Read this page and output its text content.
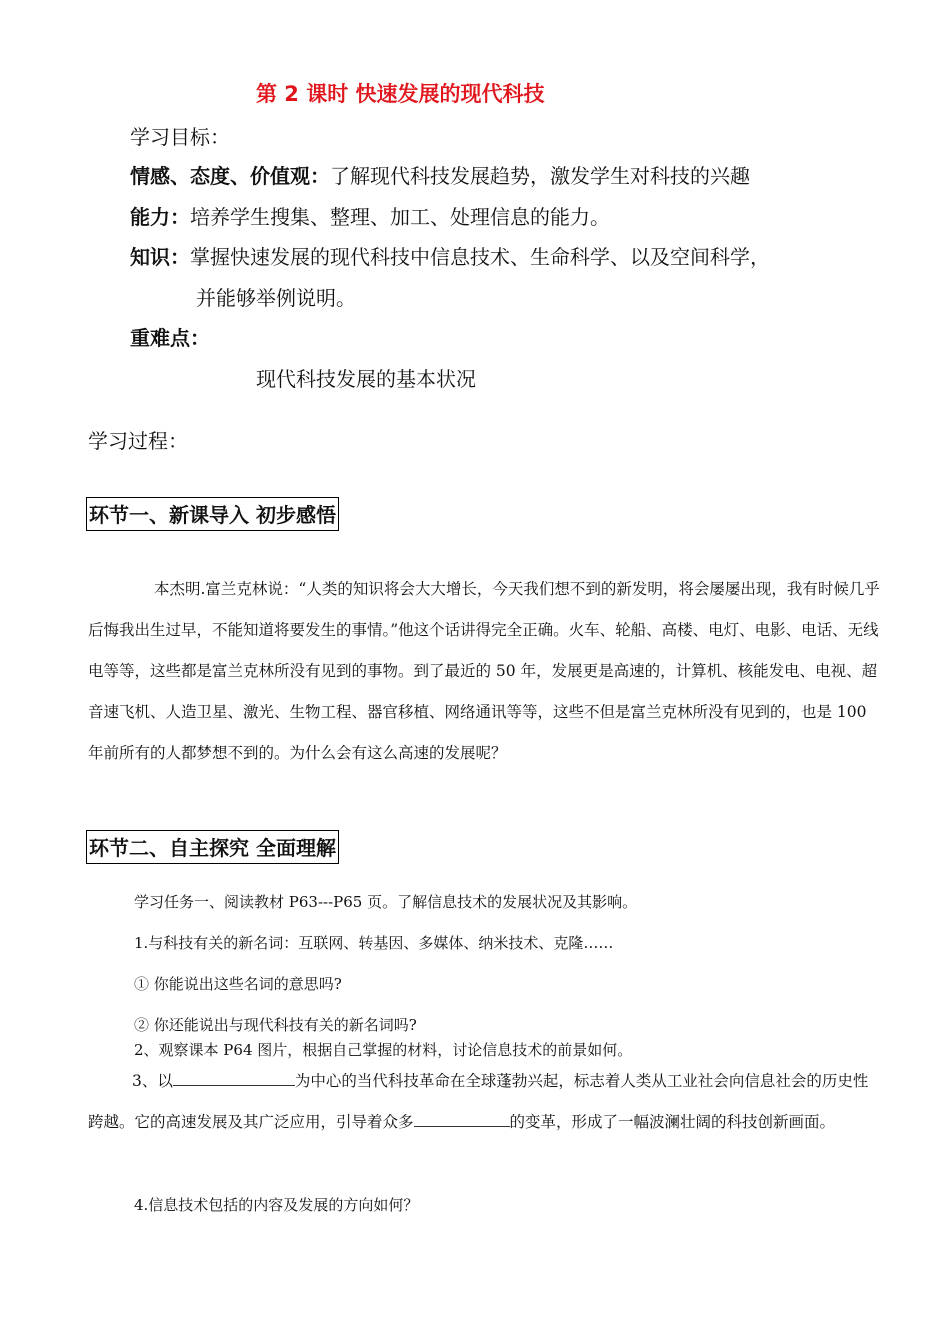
第 2 课时 快速发展的现代科技
学习目标：
情感、态度、价值观：了解现代科技发展趋势，激发学生对科技的兴趣
能力：培养学生搜集、整理、加工、处理信息的能力。
知识：掌握快速发展的现代科技中信息技术、生命科学、以及空间科学，
并能够举例说明。
重难点：
现代科技发展的基本状况
学习过程：
环节一、新课导入 初步感悟
本杰明.富兰克林说：“人类的知识将会大大增长，今天我们想不到的新发明，将会屡屡出现，我有时候几乎后悔我出生过早，不能知道将要发生的事情。”他这个话讲得完全正确。火车、轮船、高楼、电灯、电影、电话、无线电等等，这些都是富兰克林所没有见到的事物。到了最近的 50 年，发展更是高速的，计算机、核能发电、电视、超音速飞机、人造卫星、激光、生物工程、器官移植、网络通讯等等，这些不但是富兰克林所没有见到的，也是 100 年前所有的人都梦想不到的。为什么会有这么高速的发展呢？
环节二、自主探究 全面理解
学习任务一、阅读教材 P63---P65 页。了解信息技术的发展状况及其影响。
1.与科技有关的新名词：互联网、转基因、多媒体、纳米技术、克隆……
① 你能说出这些名词的意思吗?
② 你还能说出与现代科技有关的新名词吗?
2、观察课本 P64 图片，根据自己掌握的材料，讨论信息技术的前景如何。
3、以	为中心的当代科技革命在全球蓬勃兴起，标志着人类从工业社会向信息社会的历史性跨越。它的高速发展及其广泛应用，引导着众多	的变革，形成了一幅波澜壮阔的科技创新画面。
4.信息技术包括的内容及发展的方向如何？
